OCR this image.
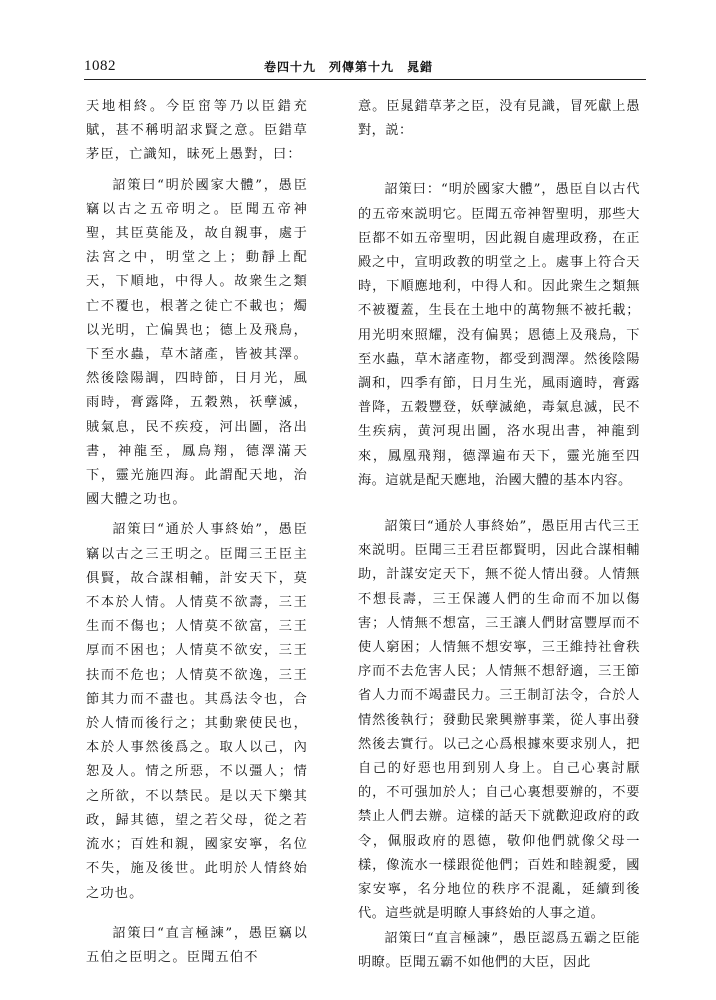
1082	卷四十九　列傳第十九　晁錯

天地相終。今臣窋等乃以臣錯充賦，甚不稱明詔求賢之意。臣錯草茅臣，亡識知，昧死上愚對，曰：

詔策曰“明於國家大體”，愚臣竊以古之五帝明之。臣聞五帝神聖，其臣莫能及，故自親事，處于法宮之中，明堂之上；動靜上配天，下順地，中得人。故衆生之類亡不覆也，根著之徒亡不載也；燭以光明，亡偏異也；德上及飛鳥，下至水蟲，草木諸產，皆被其澤。然後陰陽調，四時節，日月光，風雨時，膏露降，五穀熟，祅孽滅，賊氣息，民不疾疫，河出圖，洛出書，神龍至，鳳鳥翔，德澤滿天下，靈光施四海。此謂配天地，治國大體之功也。

詔策曰“通於人事終始”，愚臣竊以古之三王明之。臣聞三王臣主俱賢，故合謀相輔，計安天下，莫不本於人情。人情莫不欲壽，三王生而不傷也；人情莫不欲富，三王厚而不困也；人情莫不欲安，三王扶而不危也；人情莫不欲逸，三王節其力而不盡也。其爲法令也，合於人情而後行之；其動衆使民也，本於人事然後爲之。取人以己，內恕及人。情之所惡，不以彊人；情之所欲，不以禁民。是以天下樂其政，歸其德，望之若父母，從之若流水；百姓和親，國家安寧，名位不失，施及後世。此明於人情終始之功也。

詔策曰“直言極諫”，愚臣竊以五伯之臣明之。臣聞五伯不

意。臣晁錯草茅之臣，没有見識，冒死獻上愚對，説：

詔策曰：“明於國家大體”，愚臣自以古代的五帝來説明它。臣聞五帝神智聖明，那些大臣都不如五帝聖明，因此親自處理政務，在正殿之中，宣明政教的明堂之上。處事上符合天時，下順應地利，中得人和。因此衆生之類無不被覆蓋，生長在土地中的萬物無不被托載；用光明來照耀，没有偏異；恩德上及飛鳥，下至水蟲，草木諸產物，都受到潤澤。然後陰陽調和，四季有節，日月生光，風雨適時，膏露普降，五穀豐登，妖孽滅絶，毒氣息滅，民不生疾病，黄河現出圖，洛水現出書，神龍到來，鳳凰飛翔，德澤遍布天下，靈光施至四海。這就是配天應地，治國大體的基本内容。

詔策曰“通於人事終始”，愚臣用古代三王來説明。臣聞三王君臣都賢明，因此合謀相輔助，計謀安定天下，無不從人情出發。人情無不想長壽，三王保護人們的生命而不加以傷害；人情無不想富，三王讓人們財富豐厚而不使人窮困；人情無不想安寧，三王維持社會秩序而不去危害人民；人情無不想舒適，三王節省人力而不竭盡民力。三王制訂法令，合於人情然後執行；發動民衆興辦事業，從人事出發然後去實行。以己之心爲根據來要求别人，把自己的好惡也用到别人身上。自己心裏討厭的，不可强加於人；自己心裏想要辦的，不要禁止人們去辦。這樣的話天下就歡迎政府的政令，佩服政府的恩德，敬仰他們就像父母一樣，像流水一樣跟從他們；百姓和睦親愛，國家安寧，名分地位的秩序不混亂，延續到後代。這些就是明瞭人事終始的人事之道。

詔策曰“直言極諫”，愚臣認爲五霸之臣能明瞭。臣聞五霸不如他們的大臣，因此
